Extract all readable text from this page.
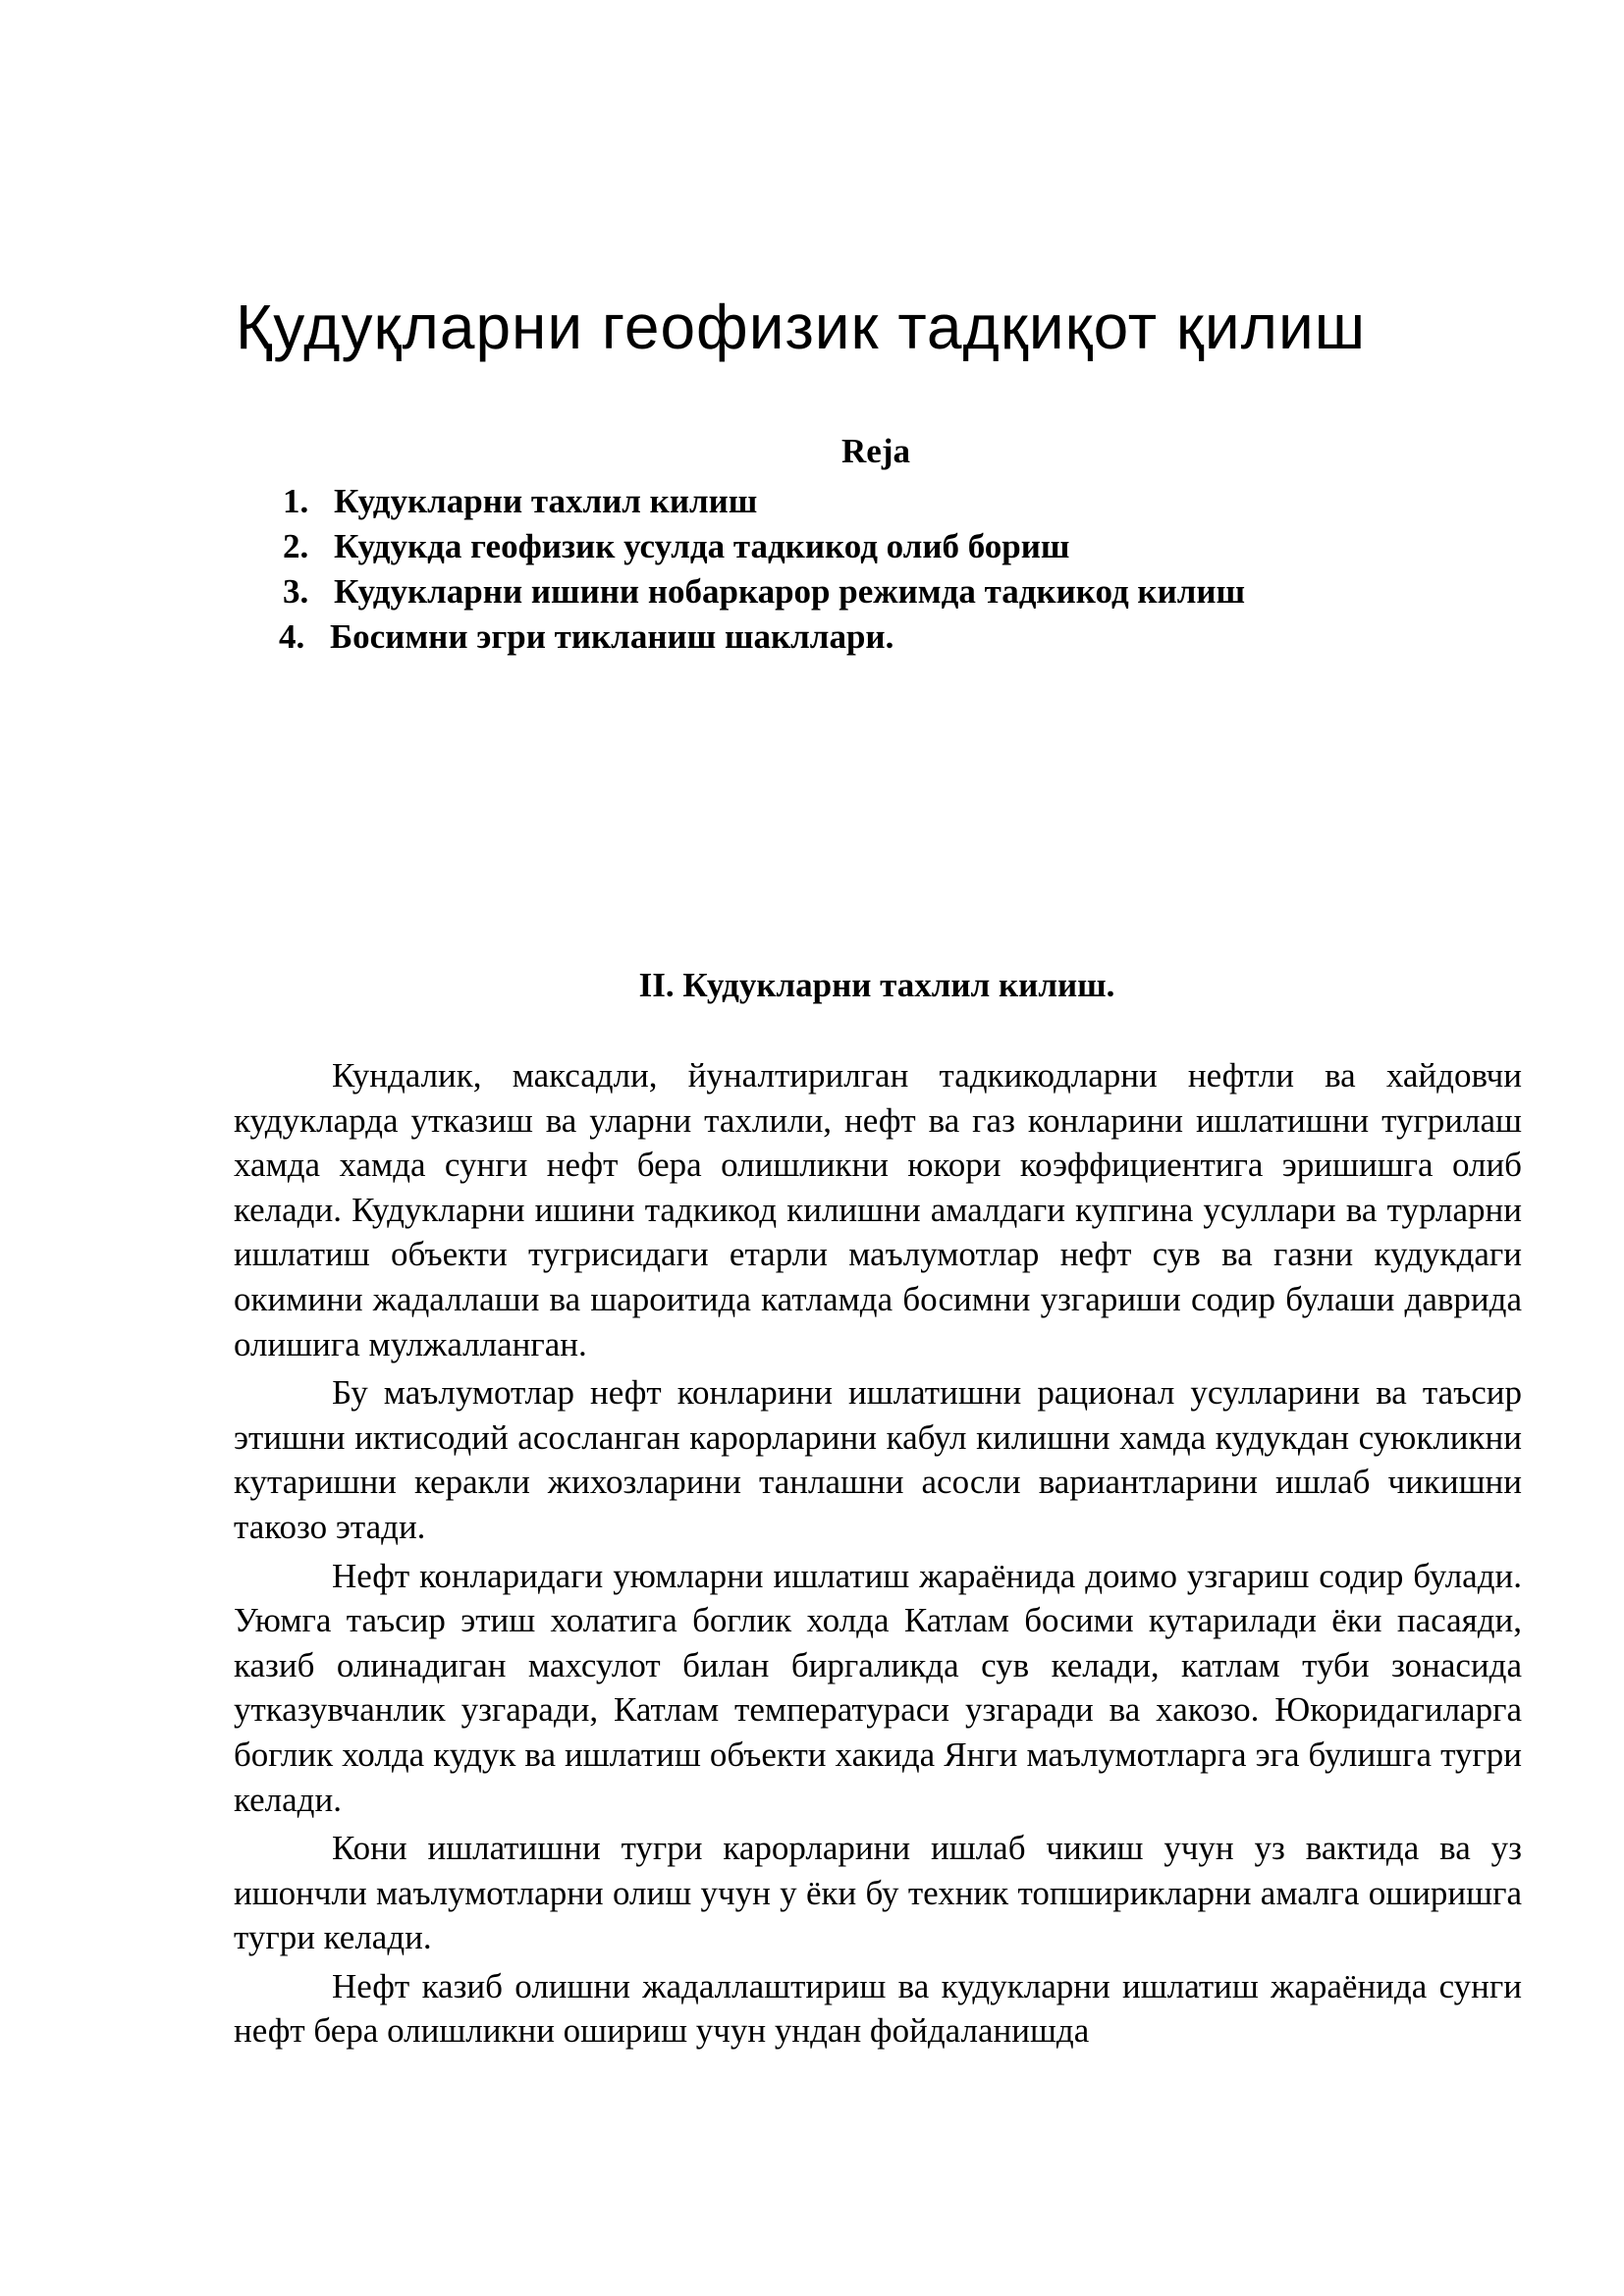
Қудуқларни геофизик тадқиқот қилиш
Reja
1. Кудукларни тахлил килиш
2. Кудукда геофизик усулда тадкикод олиб бориш
3. Кудукларни ишини нобаркарор режимда тадкикод килиш
4. Босимни эгри тикланиш шакллари.
II. Кудукларни тахлил килиш.

Кундалик, максадли, йуналтирилган тадкикодларни нефтли ва хайдовчи кудукларда утказиш ва уларни тахлили, нефт ва газ конларини ишлатишни тугрилаш хамда хамда сунги нефт бера олишликни юкори коэффициентига эришишга олиб келади. Кудукларни ишини тадкикод килишни амалдаги купгина усуллари ва турларни ишлатиш объекти тугрисидаги етарли маълумотлар нефт сув ва газни кудукдаги окимини жадаллаши ва шароитида катламда босимни узгариши содир булаши даврида олишига мулжалланган.

Бу маълумотлар нефт конларини ишлатишни рационал усулларини ва таъсир этишни иктисодий асосланган карорларини кабул килишни хамда кудукдан суюкликни кутаришни керакли жихозларини танлашни асосли вариантларини ишлаб чикишни такозо этади.

Нефт конларидаги уюмларни ишлатиш жараёнида доимо узгариш содир булади. Уюмга таъсир этиш холатига боглик холда Катлам босими кутарилади ёки пасаяди, казиб олинадиган махсулот билан биргаликда сув келади, катлам туби зонасида утказувчанлик узгаради, Катлам температураси узгаради ва хакозо. Юкоридагиларга боглик холда кудук ва ишлатиш объекти хакида Янги маълумотларга эга булишга тугри келади.

Кони ишлатишни тугри карорларини ишлаб чикиш учун уз вактида ва уз ишончли маълумотларни олиш учун у ёки бу техник топширикларни амалга оширишга тугри келади.

Нефт казиб олишни жадаллаштириш ва кудукларни ишлатиш жараёнида сунги нефт бера олишликни ошириш учун ундан фойдаланишда
